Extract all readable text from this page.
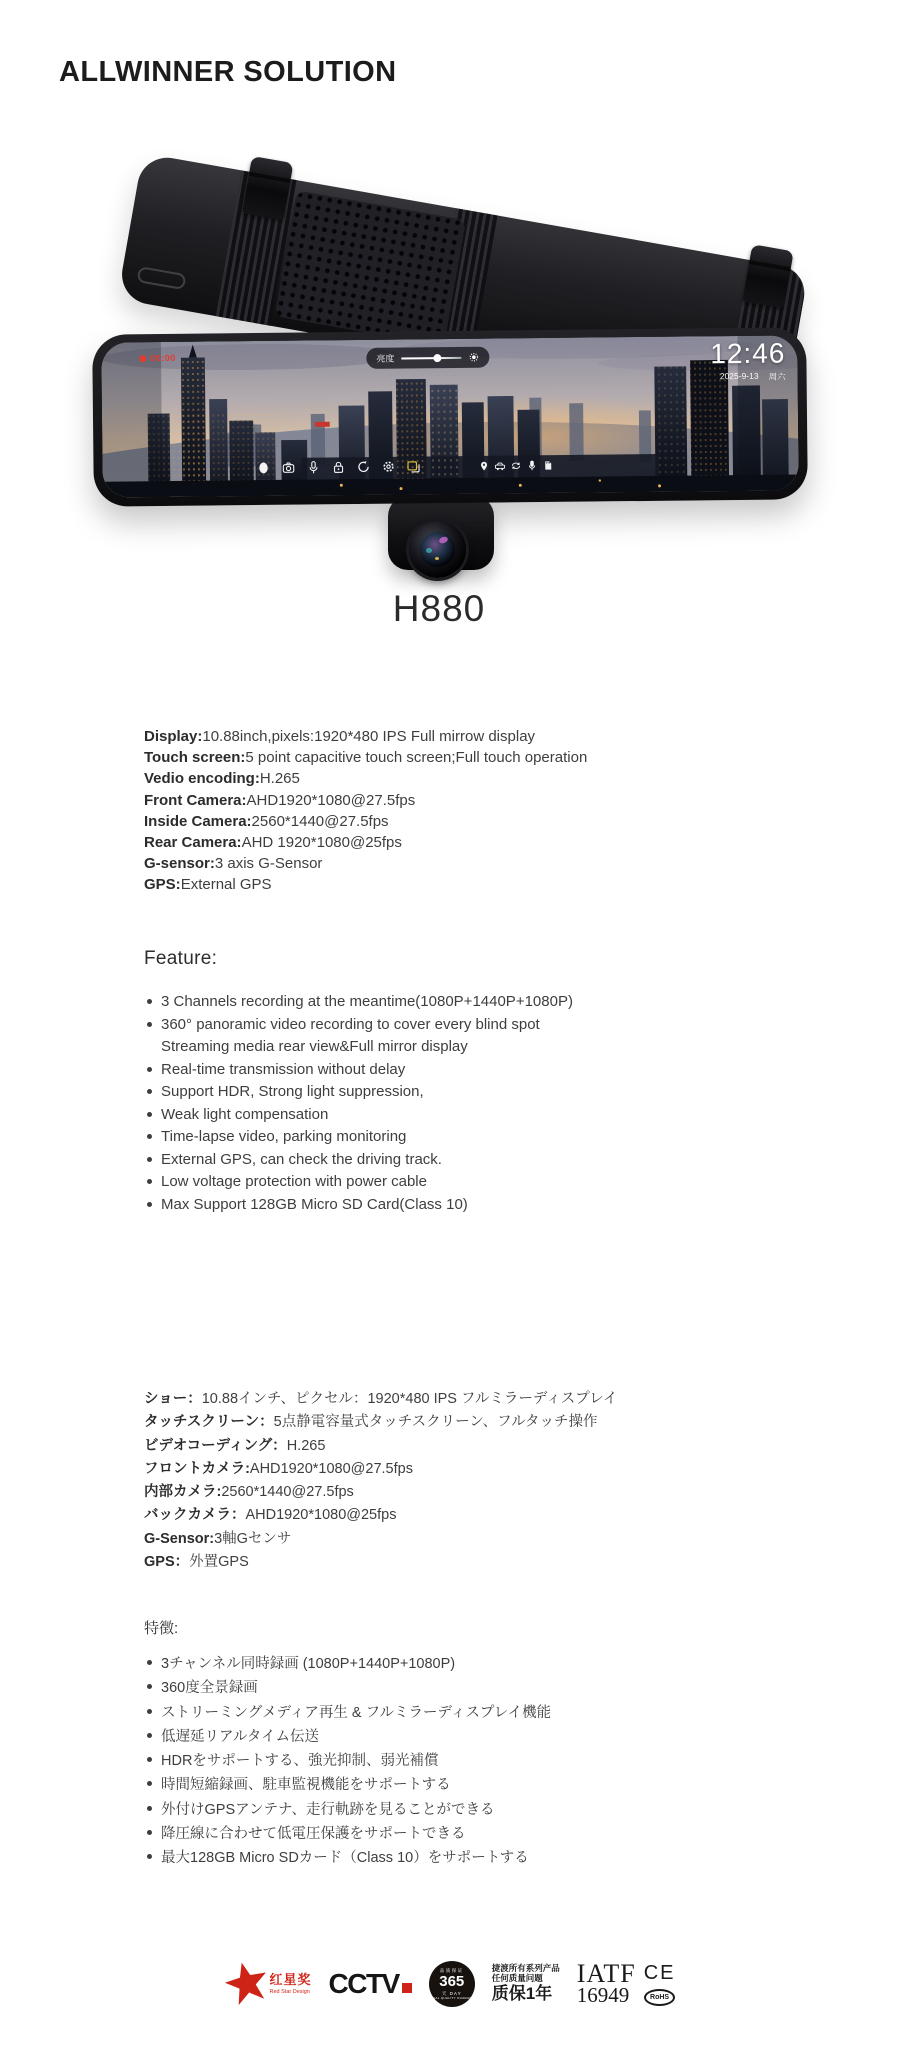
ALLWINNER SOLUTION
00:00	亮度	12:46
2025-9-13 周六
H880
Display:10.88inch,pixels:1920*480 IPS Full mirrow display
Touch screen:5 point capacitive touch screen;Full touch operation
Vedio encoding:H.265
Front Camera:AHD1920*1080@27.5fps
Inside Camera:2560*1440@27.5fps
Rear Camera:AHD 1920*1080@25fps
G-sensor:3 axis G-Sensor
GPS:External GPS
Feature:
3 Channels recording at the meantime(1080P+1440P+1080P)
360° panoramic video recording to cover every blind spot
Streaming media rear view&Full mirror display
Real-time transmission without delay
Support HDR, Strong light suppression,
Weak light compensation
Time-lapse video, parking monitoring
External GPS, can check the driving track.
Low voltage protection with power cable
Max Support 128GB Micro SD Card(Class 10)
ショー：10.88インチ、ピクセル：1920*480 IPS フルミラーディスプレイ
タッチスクリーン：5点静電容量式タッチスクリーン、フルタッチ操作
ビデオコーディング：H.265
フロントカメラ:AHD1920*1080@27.5fps
内部カメラ:2560*1440@27.5fps
バックカメラ：AHD1920*1080@25fps
G-Sensor:3軸Gセンサ
GPS：外置GPS
特徴:
3チャンネル同時録画 (1080P+1440P+1080P)
360度全景録画
ストリーミングメディア再生 & フルミラーディスプレイ機能
低遅延リアルタイム伝送
HDRをサポートする、強光抑制、弱光補償
時間短縮録画、駐車監視機能をサポートする
外付けGPSアンテナ、走行軌跡を見ることができる
降圧線に合わせて低電圧保護をサポートできる
最大128GB Micro SDカード（Class 10）をサポートする
红星奖
Red Star Design CCTV	品质保证
365
天 DAY
INITIAL QUALITY GUARANTY
捷渡所有系列产品
任何质量问题
质保1年
IATF
16949
CE
RoHS
